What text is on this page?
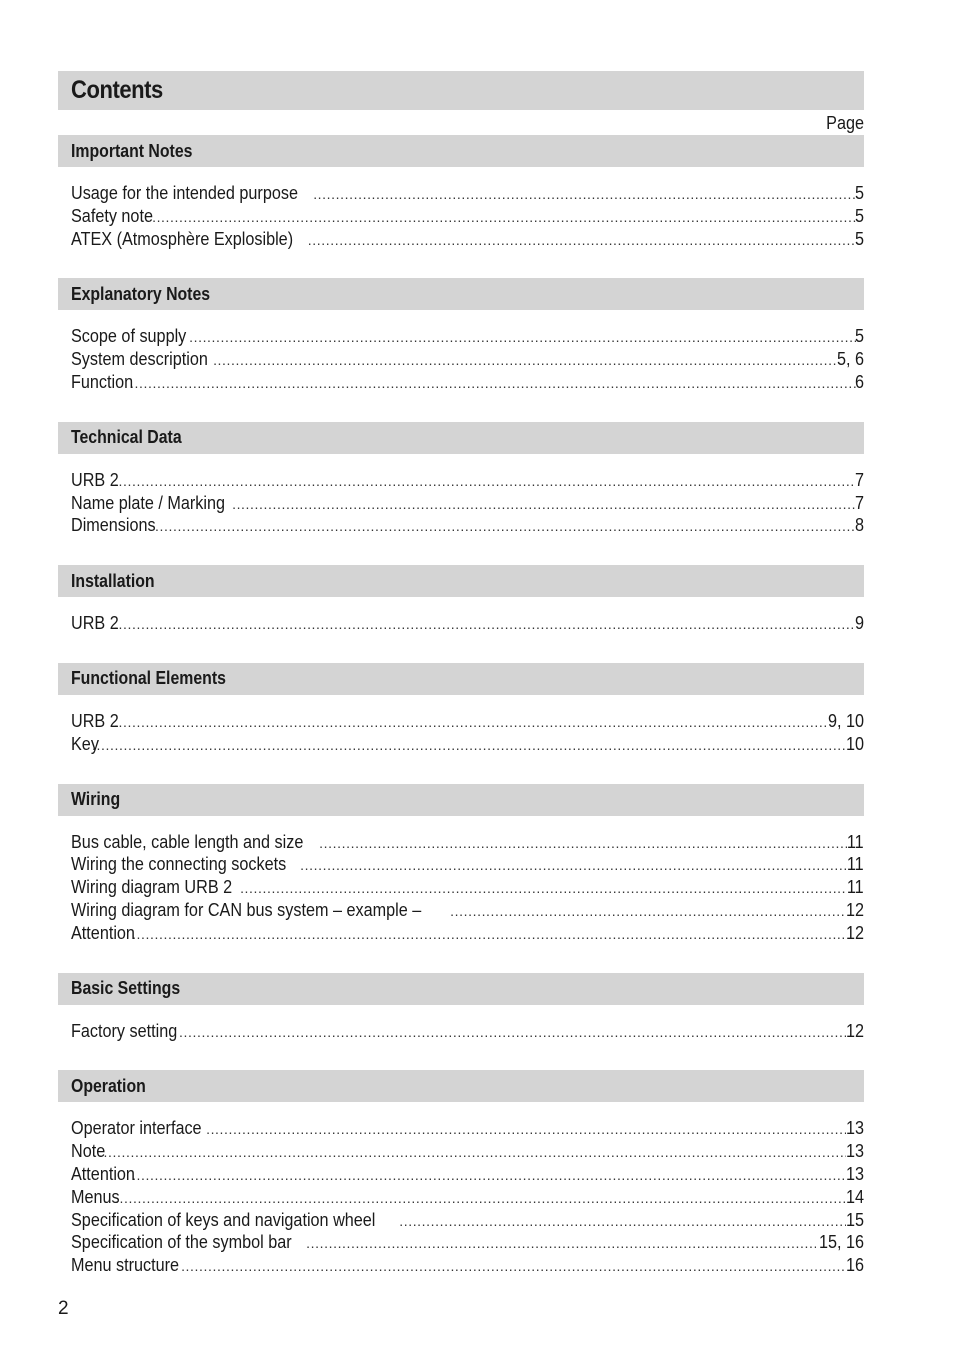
Contents
Page
Important Notes
Usage for the intended purpose .....	5
Safety note .....	5
ATEX (Atmosphère Explosible) .....	5
Explanatory Notes
Scope of supply .....	5
System description .....	5, 6
Function .....	6
Technical Data
URB 2 .....	7
Name plate / Marking .....	7
Dimensions .....	8
Installation
URB 2 .....	9
Functional Elements
URB 2 .....	9, 10
Key .....	10
Wiring
Bus cable, cable length and size .....	11
Wiring the connecting sockets .....	11
Wiring diagram URB 2 .....	11
Wiring diagram for CAN bus system – example – .....	12
Attention .....	12
Basic Settings
Factory setting .....	12
Operation
Operator interface .....	13
Note .....	13
Attention .....	13
Menus .....	14
Specification of keys and navigation wheel .....	15
Specification of the symbol bar .....	15, 16
Menu structure .....	16
2
